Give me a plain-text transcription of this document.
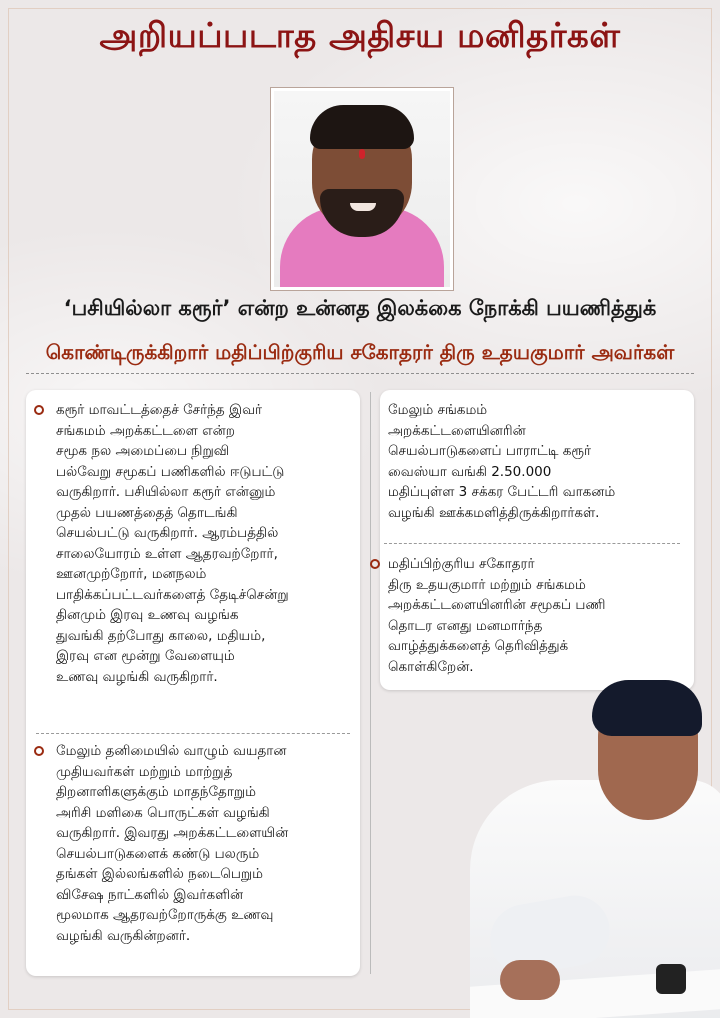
அறியப்படாத அதிசய மனிதர்கள்
‘பசியில்லா கரூர்’ என்ற உன்னத இலக்கை நோக்கி பயணித்துக்
கொண்டிருக்கிறார் மதிப்பிற்குரிய சகோதரர் திரு உதயகுமார் அவர்கள்
கரூர் மாவட்டத்தைச் சேர்ந்த இவர்
சங்கமம் அறக்கட்டளை என்ற
சமூக நல அமைப்பை நிறுவி
பல்வேறு சமூகப் பணிகளில் ஈடுபட்டு
வருகிறார். பசியில்லா கரூர் என்னும்
முதல் பயணத்தைத் தொடங்கி
செயல்பட்டு வருகிறார். ஆரம்பத்தில்
சாலையோரம் உள்ள ஆதரவற்றோர்,
ஊனமுற்றோர், மனநலம்
பாதிக்கப்பட்டவர்களைத் தேடிச்சென்று
தினமும் இரவு உணவு வழங்க
துவங்கி தற்போது காலை, மதியம்,
இரவு என மூன்று வேளையும்
உணவு வழங்கி வருகிறார்.
மேலும் தனிமையில் வாழும் வயதான
முதியவர்கள் மற்றும் மாற்றுத்
திறனாளிகளுக்கும் மாதந்தோறும்
அரிசி மளிகை பொருட்கள் வழங்கி
வருகிறார். இவரது அறக்கட்டளையின்
செயல்பாடுகளைக் கண்டு பலரும்
தங்கள் இல்லங்களில் நடைபெறும்
விசேஷ நாட்களில் இவர்களின்
மூலமாக ஆதரவற்றோருக்கு உணவு
வழங்கி வருகின்றனர்.
மேலும் சங்கமம்
அறக்கட்டளையினரின்
செயல்பாடுகளைப் பாராட்டி கரூர்
வைஸ்யா வங்கி 2.50.000
மதிப்புள்ள 3 சக்கர பேட்டரி வாகனம்
வழங்கி ஊக்கமளித்திருக்கிறார்கள்.
மதிப்பிற்குரிய சகோதரர்
திரு உதயகுமார் மற்றும் சங்கமம்
அறக்கட்டளையினரின் சமூகப் பணி
தொடர எனது மனமார்ந்த
வாழ்த்துக்களைத் தெரிவித்துக்
கொள்கிறேன்.
